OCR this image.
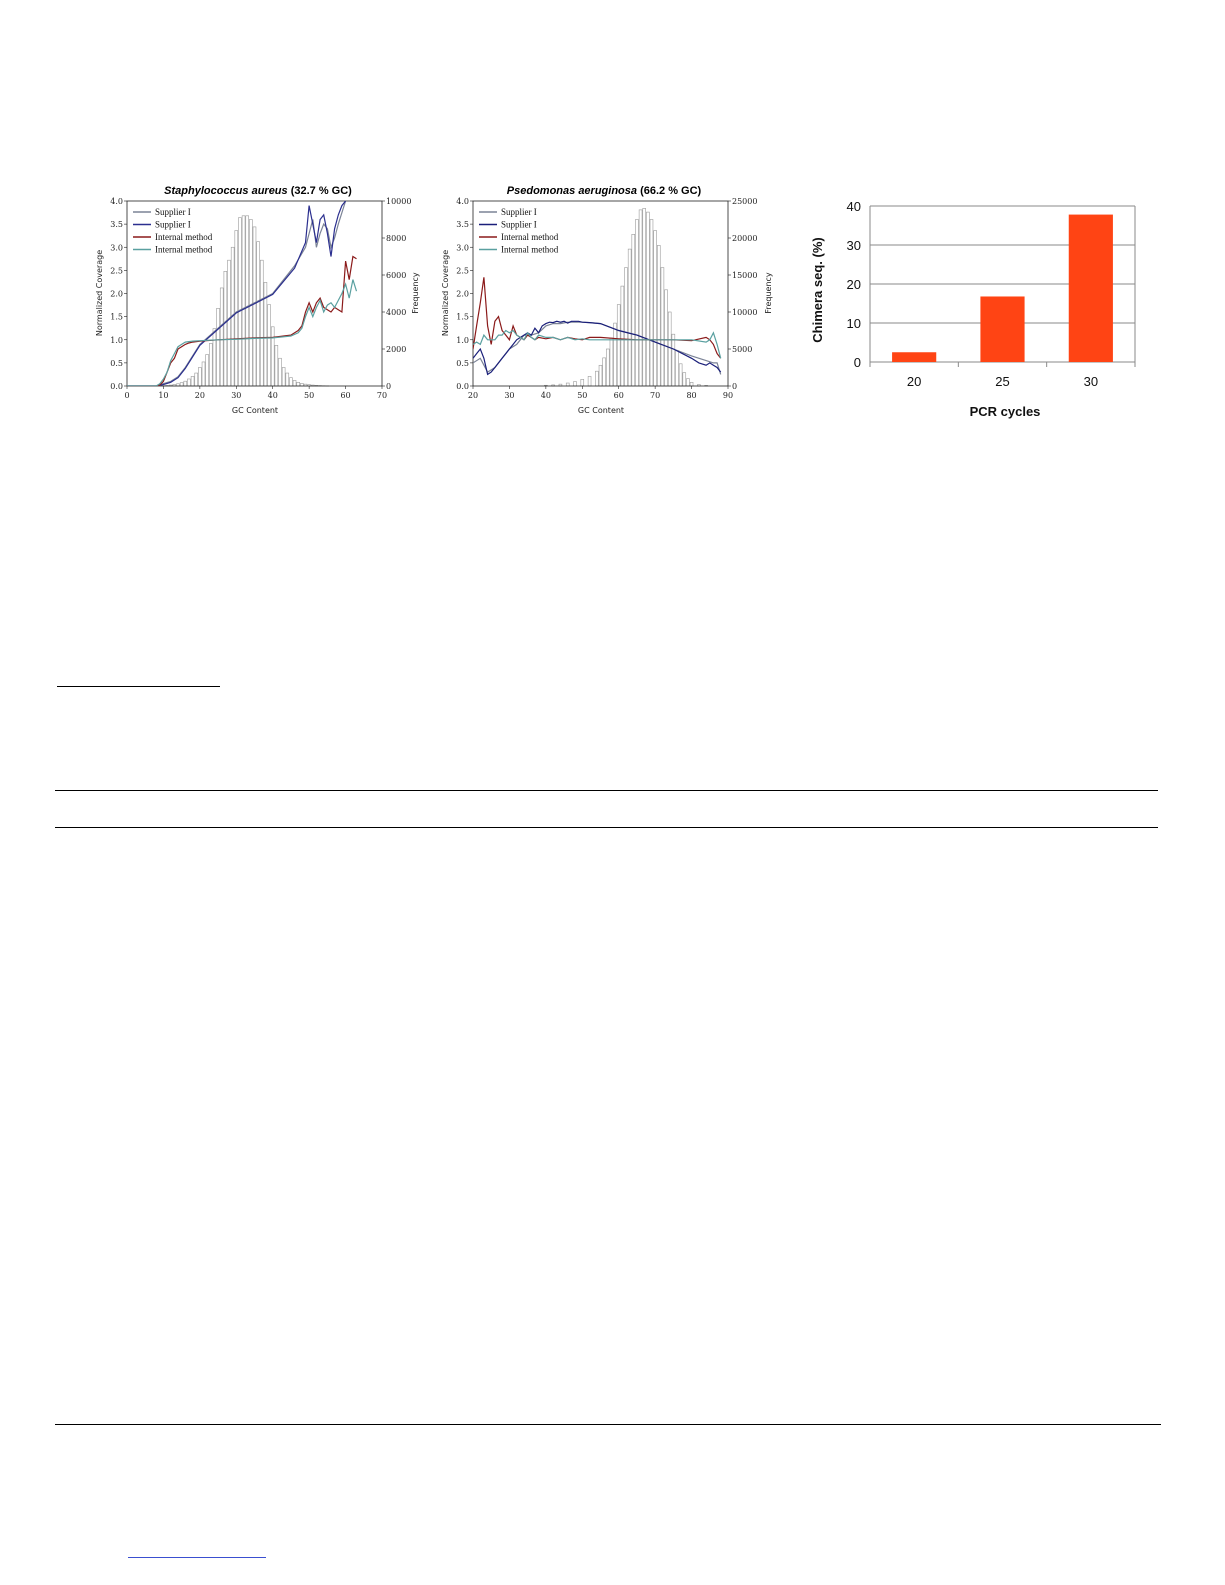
Staphylococcus aureus (32.7 % GC)
0	10	20	30	40	50	60	70
0.0
0.5
1.0
1.5
2.0
2.5
3.0
3.5
4.0
0
2000
4000
6000
8000
10000
Supplier I
Supplier I
Internal method
Internal method
GC Content
Normalized Coverage	Frequency
Psedomonas aeruginosa (66.2 % GC)
20	30	40	50	60	70	80	90
0.0
0.5
1.0
1.5
2.0
2.5
3.0
3.5
4.0
0
5000
10000
15000
20000
25000
Supplier I
Supplier I
Internal method
Internal method
GC Content
Normalized Coverage	Frequency
0
10
20
30
40
20	25	30
PCR cycles
Chimera seq. (%)
